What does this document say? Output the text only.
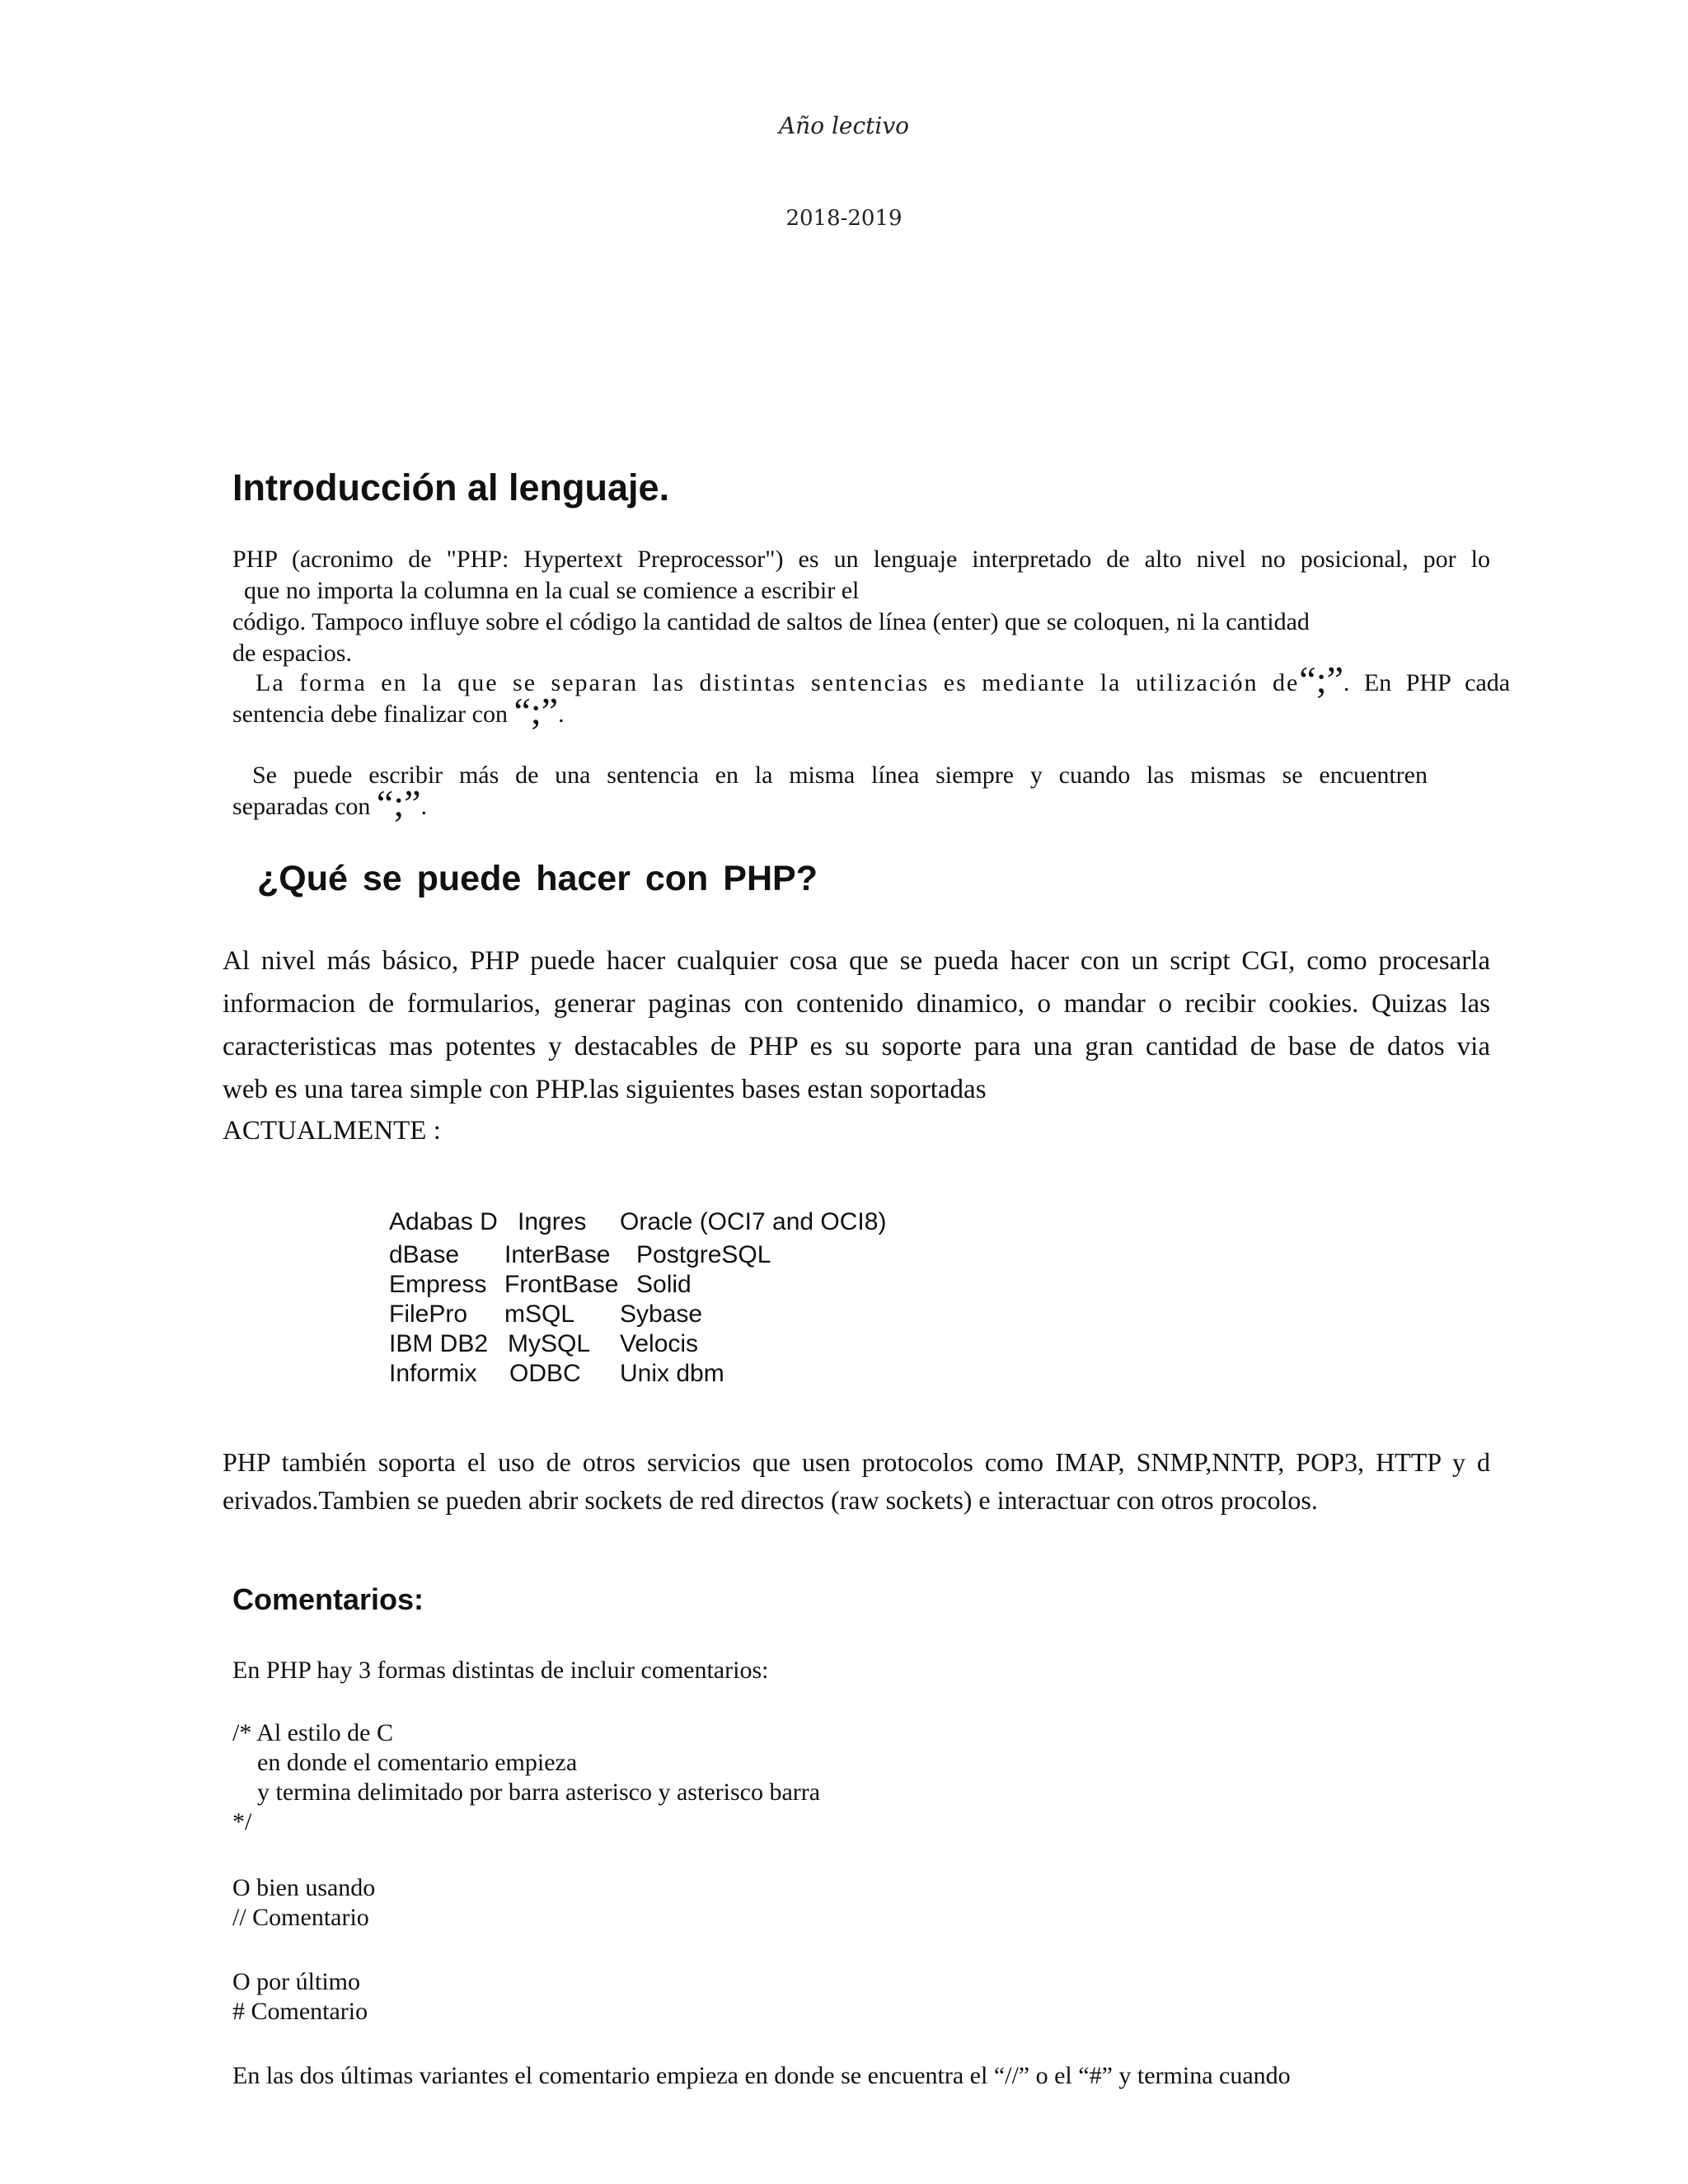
Año lectivo
2018-2019
Introducción al lenguaje.
PHP (acronimo de "PHP: Hypertext Preprocessor") es un lenguaje interpretado de alto nivel no posicional, por lo
que no importa la columna en la cual se comience a escribir el
código. Tampoco influye sobre el código la cantidad de saltos de línea (enter) que se coloquen, ni la cantidad
de espacios.
La forma en la que se separan las distintas sentencias es mediante la utilización de “;”. En PHP cada
sentencia debe finalizar con “;”.
Se puede escribir más de una sentencia en la misma línea siempre y cuando las mismas se encuentren
separadas con “;”.
¿Qué se puede hacer con PHP?
Al nivel más básico, PHP puede hacer cualquier cosa que se pueda hacer con un script CGI, como procesarla
informacion de formularios, generar paginas con contenido dinamico, o mandar o recibir cookies. Quizas las
caracteristicas mas potentes y destacables de PHP es su soporte para una gran cantidad de base de datos via
web es una tarea simple con PHP.las siguientes bases estan soportadas
ACTUALMENTE :
Adabas D Ingres Oracle (OCI7 and OCI8)
dBase InterBase PostgreSQL
Empress FrontBase Solid
FilePro mSQL Sybase
IBM DB2 MySQL Velocis
Informix ODBC Unix dbm
PHP también soporta el uso de otros servicios que usen protocolos como IMAP, SNMP,NNTP, POP3, HTTP y d
erivados.Tambien se pueden abrir sockets de red directos (raw sockets) e interactuar con otros procolos.
Comentarios:
En PHP hay 3 formas distintas de incluir comentarios:
/* Al estilo de C
en donde el comentario empieza
y termina delimitado por barra asterisco y asterisco barra
*/
O bien usando
// Comentario
O por último
# Comentario
En las dos últimas variantes el comentario empieza en donde se encuentra el “//” o el “#” y termina cuando
